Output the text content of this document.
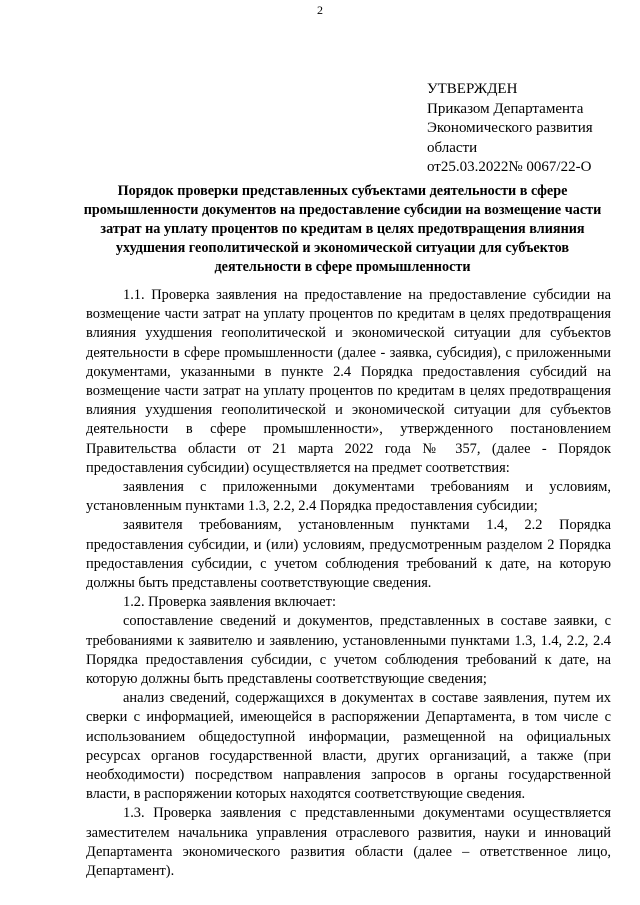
2
УТВЕРЖДЕН
Приказом Департамента
Экономического развития
области
от25.03.2022№ 0067/22-О
Порядок проверки представленных субъектами деятельности в сфере промышленности документов на предоставление субсидии на возмещение части затрат на уплату процентов по кредитам в целях предотвращения влияния ухудшения геополитической и экономической ситуации для субъектов деятельности в сфере промышленности

1.1. Проверка заявления на предоставление на предоставление субсидии на возмещение части затрат на уплату процентов по кредитам в целях предотвращения влияния ухудшения геополитической и экономической ситуации для субъектов деятельности в сфере промышленности (далее - заявка, субсидия), с приложенными документами, указанными в пункте 2.4 Порядка предоставления субсидий на возмещение части затрат на уплату процентов по кредитам в целях предотвращения влияния ухудшения геополитической и экономической ситуации для субъектов деятельности в сфере промышленности», утвержденного постановлением Правительства области от 21 марта 2022 года № 357, (далее - Порядок предоставления субсидии) осуществляется на предмет соответствия:

заявления с приложенными документами требованиям и условиям, установленным пунктами 1.3, 2.2, 2.4 Порядка предоставления субсидии;

заявителя требованиям, установленным пунктами 1.4, 2.2 Порядка предоставления субсидии, и (или) условиям, предусмотренным разделом 2 Порядка предоставления субсидии, с учетом соблюдения требований к дате, на которую должны быть представлены соответствующие сведения.

1.2. Проверка заявления включает:

сопоставление сведений и документов, представленных в составе заявки, с требованиями к заявителю и заявлению, установленными пунктами 1.3, 1.4, 2.2, 2.4 Порядка предоставления субсидии, с учетом соблюдения требований к дате, на которую должны быть представлены соответствующие сведения;

анализ сведений, содержащихся в документах в составе заявления, путем их сверки с информацией, имеющейся в распоряжении Департамента, в том числе с использованием общедоступной информации, размещенной на официальных ресурсах органов государственной власти, других организаций, а также (при необходимости) посредством направления запросов в органы государственной власти, в распоряжении которых находятся соответствующие сведения.

1.3. Проверка заявления с представленными документами осуществляется заместителем начальника управления отраслевого развития, науки и инноваций Департамента экономического развития области (далее – ответственное лицо, Департамент).
